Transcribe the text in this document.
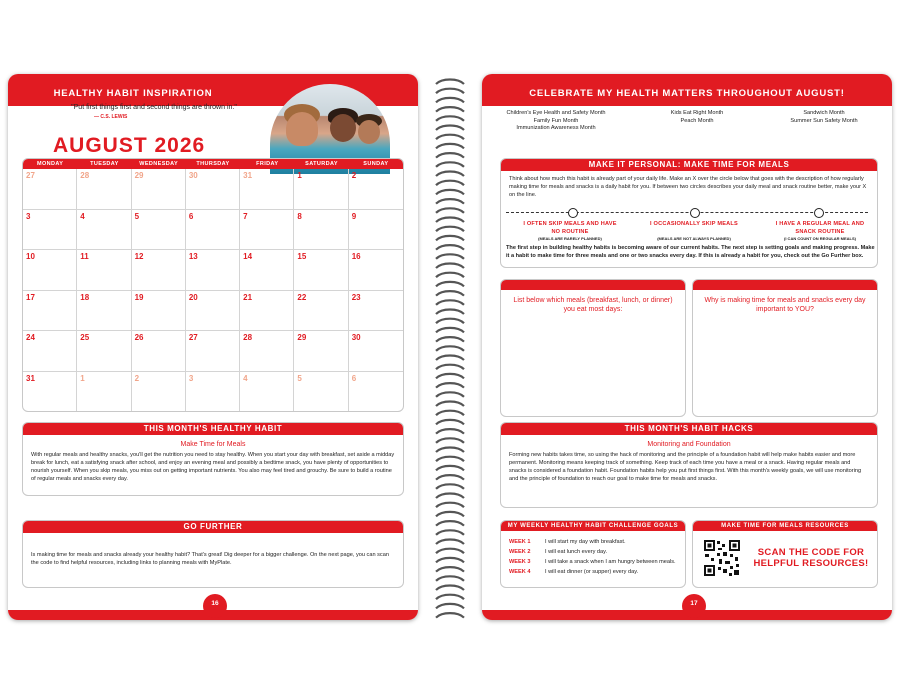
HEALTHY HABIT INSPIRATION
"Put first things first and second things are thrown in."
— C.S. LEWIS
AUGUST 2026
MONDAY	TUESDAY	WEDNESDAY	THURSDAY	FRIDAY	SATURDAY	SUNDAY
27	28	29	30	31	1	2
3	4	5	6	7	8	9
10	11	12	13	14	15	16
17	18	19	20	21	22	23
24	25	26	27	28	29	30
31	1	2	3	4	5	6
THIS MONTH'S HEALTHY HABIT
Make Time for Meals
With regular meals and healthy snacks, you'll get the nutrition you need to stay healthy. When you start your day with breakfast, set aside a midday break for lunch, eat a satisfying snack after school, and enjoy an evening meal and possibly a bedtime snack, you have plenty of opportunities to nourish yourself. When you skip meals, you miss out on getting important nutrients. You also may feel tired and grouchy. Be sure to build a routine of regular meals and snacks every day.
GO FURTHER
Is making time for meals and snacks already your healthy habit? That's great! Dig deeper for a bigger challenge. On the next page, you can scan the code to find helpful resources, including links to planning meals with MyPlate.
16
CELEBRATE MY HEALTH MATTERS THROUGHOUT AUGUST!
Children's Eye Health and Safety Month
Family Fun Month
Immunization Awareness Month
Kids Eat Right Month
Peach Month
Sandwich Month
Summer Sun Safety Month
MAKE IT PERSONAL: MAKE TIME FOR MEALS
Think about how much this habit is already part of your daily life. Make an X over the circle below that goes with the description of how regularly making time for meals and snacks is a daily habit for you. If between two circles describes your daily meal and snack routine better, make your X on the line.
I OFTEN SKIP MEALS AND HAVE NO ROUTINE
I OCCASIONALLY SKIP MEALS	I HAVE A REGULAR MEAL AND SNACK ROUTINE
(MEALS ARE RARELY PLANNED)	(MEALS ARE NOT ALWAYS PLANNED)	(I CAN COUNT ON REGULAR MEALS)
The first step in building healthy habits is becoming aware of our current habits. The next step is setting goals and making progress. Make it a habit to make time for three meals and one or two snacks every day. If this is already a habit for you, check out the Go Further box.
List below which meals (breakfast, lunch, or dinner) you eat most days:
Why is making time for meals and snacks every day important to YOU?
THIS MONTH'S HABIT HACKS
Monitoring and Foundation
Forming new habits takes time, so using the hack of monitoring and the principle of a foundation habit will help make habits easier and more permanent. Monitoring means keeping track of something. Keep track of each time you have a meal or a snack. Having regular meals and snacks is considered a foundation habit. Foundation habits help you put first things first. With this month's weekly goals, we will use monitoring and the principle of foundation to reach our goal to make time for meals and snacks.
MY WEEKLY HEALTHY HABIT CHALLENGE GOALS
WEEK 1	I will start my day with breakfast.
WEEK 2	I will eat lunch every day.
WEEK 3	I will take a snack when I am hungry between meals.
WEEK 4	I will eat dinner (or supper) every day.
MAKE TIME FOR MEALS RESOURCES
SCAN THE CODE FOR HELPFUL RESOURCES!
17
